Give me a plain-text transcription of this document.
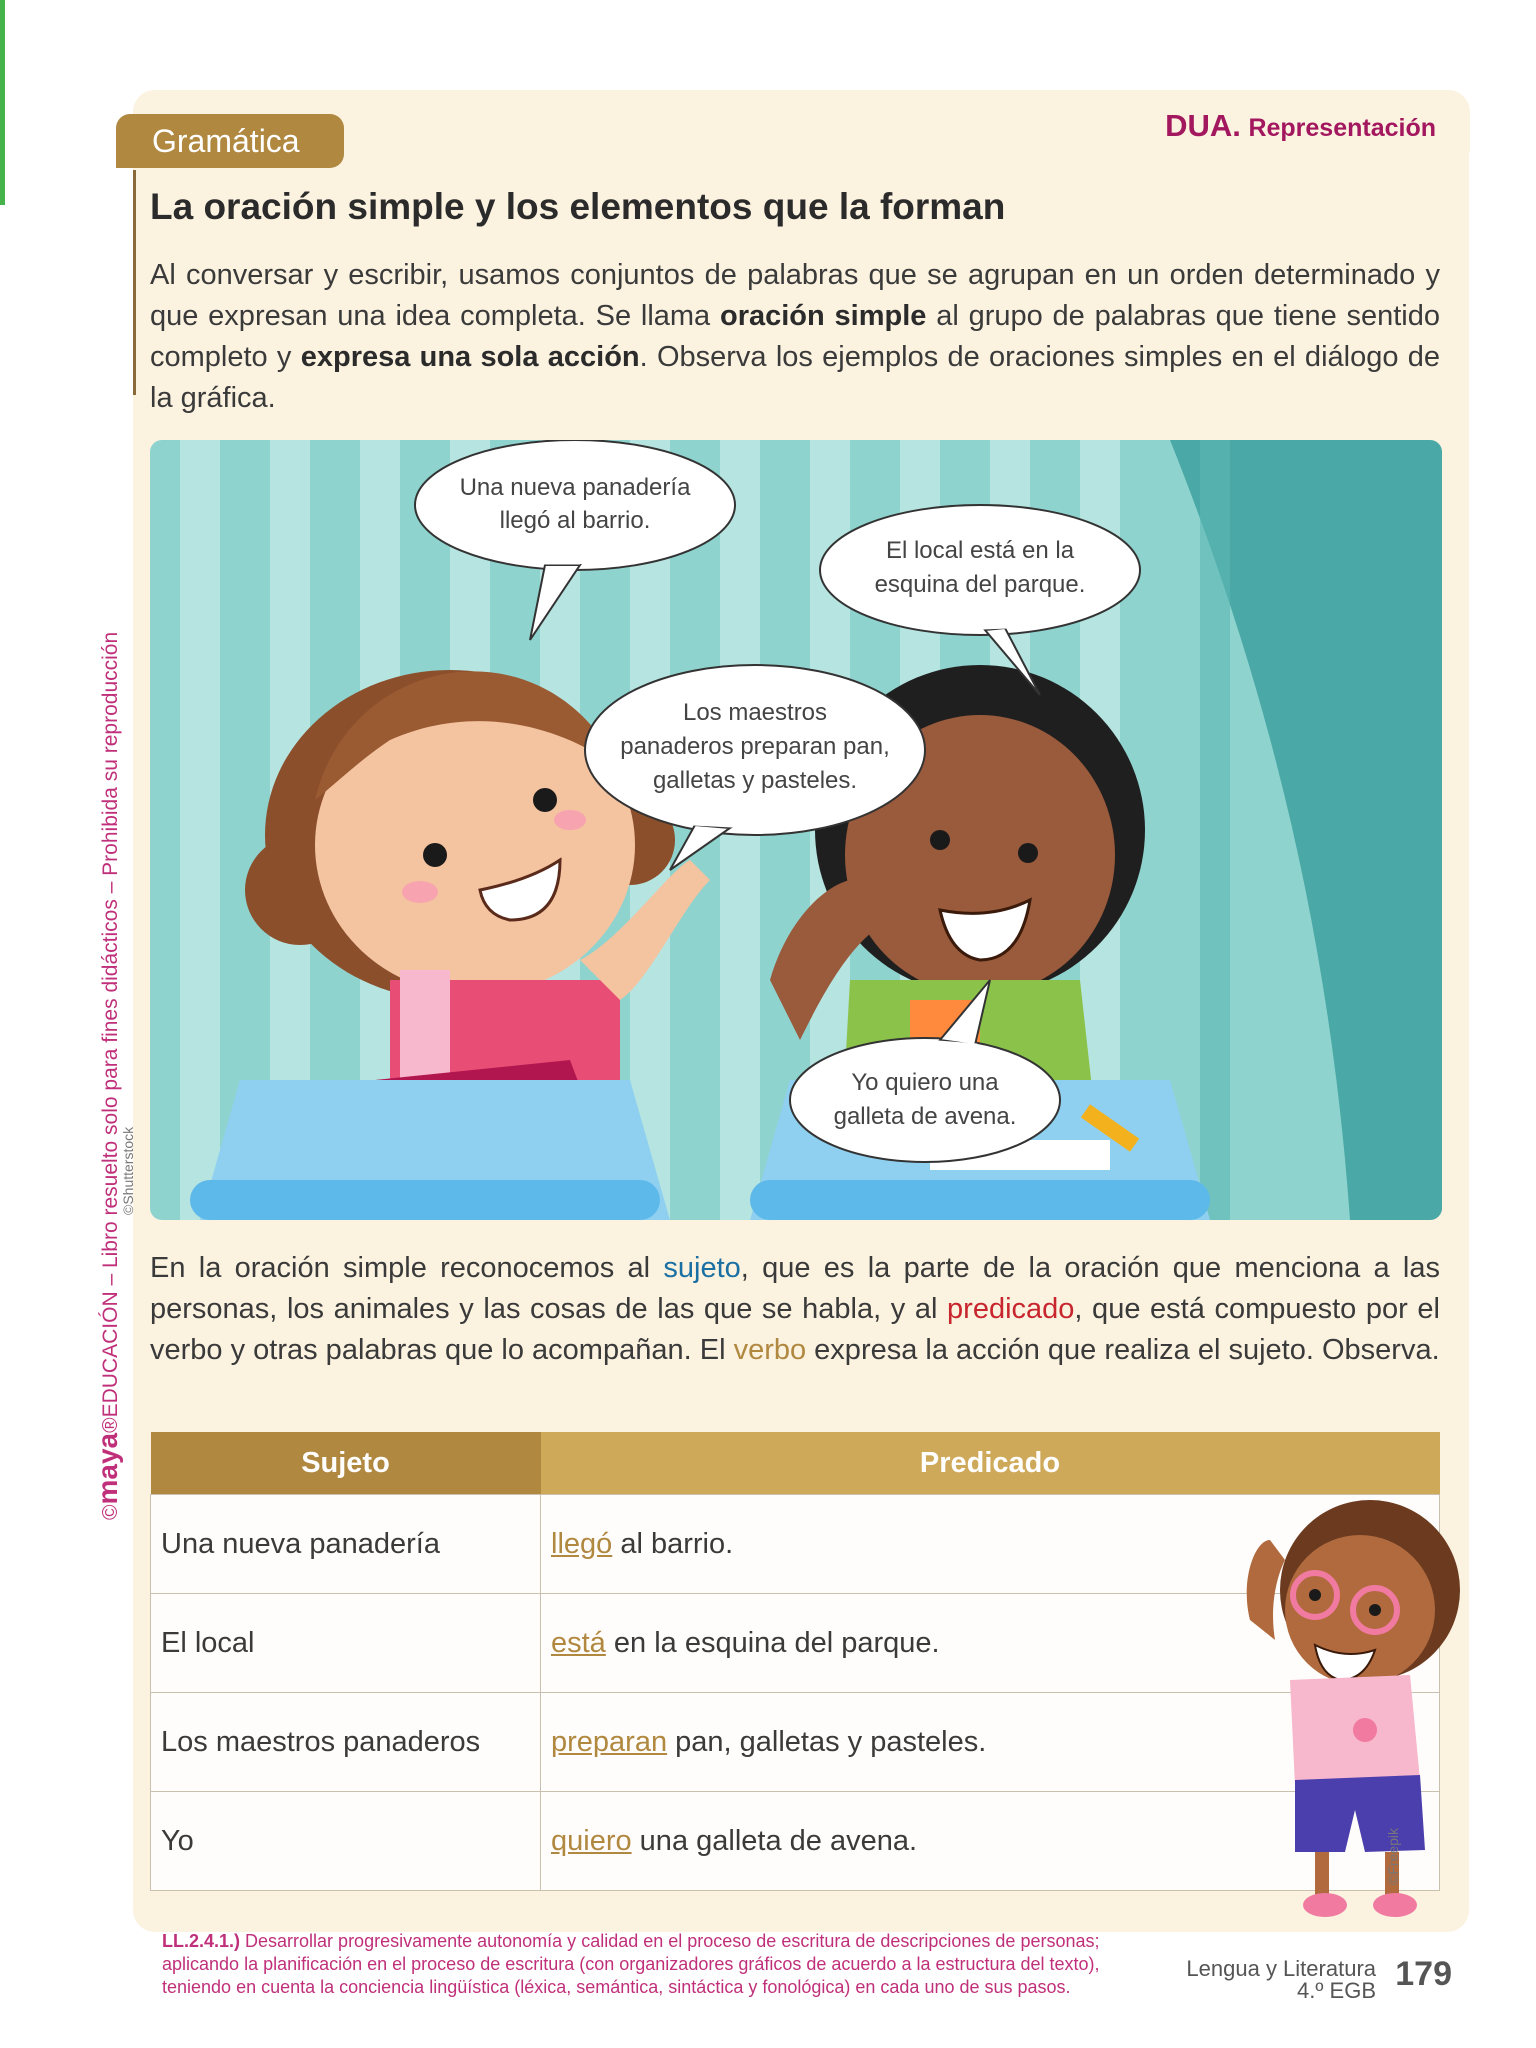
DUA. Representación
Gramática
La oración simple y los elementos que la forman

Al conversar y escribir, usamos conjuntos de palabras que se agrupan en un orden determinado y que expresan una idea completa. Se llama oración simple al grupo de palabras que tiene sentido completo y expresa una sola acción. Observa los ejemplos de oraciones simples en el diálogo de la gráfica.

Una nueva panadería
llegó al barrio.
El local está en la
esquina del parque.
Los maestros
panaderos preparan pan,
galletas y pasteles.
Yo quiero una
galleta de avena.
©Shutterstock
©maya®EDUCACIÓN – Libro resuelto solo para fines didácticos – Prohibida su reproducción En la oración simple reconocemos al sujeto, que es la parte de la oración que menciona a las personas, los animales y las cosas de las que se habla, y al predicado, que está compuesto por el verbo y otras palabras que lo acompañan. El verbo expresa la acción que realiza el sujeto. Observa.

Sujeto	Predicado
Una nueva panadería	llegó al barrio.
El local	está en la esquina del parque.
Los maestros panaderos	preparan pan, galletas y pasteles.
Yo	quiero una galleta de avena.	©Freepik
LL.2.4.1.) Desarrollar progresivamente autonomía y calidad en el proceso de escritura de descripciones de personas; aplicando la planificación en el proceso de escritura (con organizadores gráficos de acuerdo a la estructura del texto), teniendo en cuenta la conciencia lingüística (léxica, semántica, sintáctica y fonológica) en cada uno de sus pasos.
Lengua y Literatura
4.º EGB 179
